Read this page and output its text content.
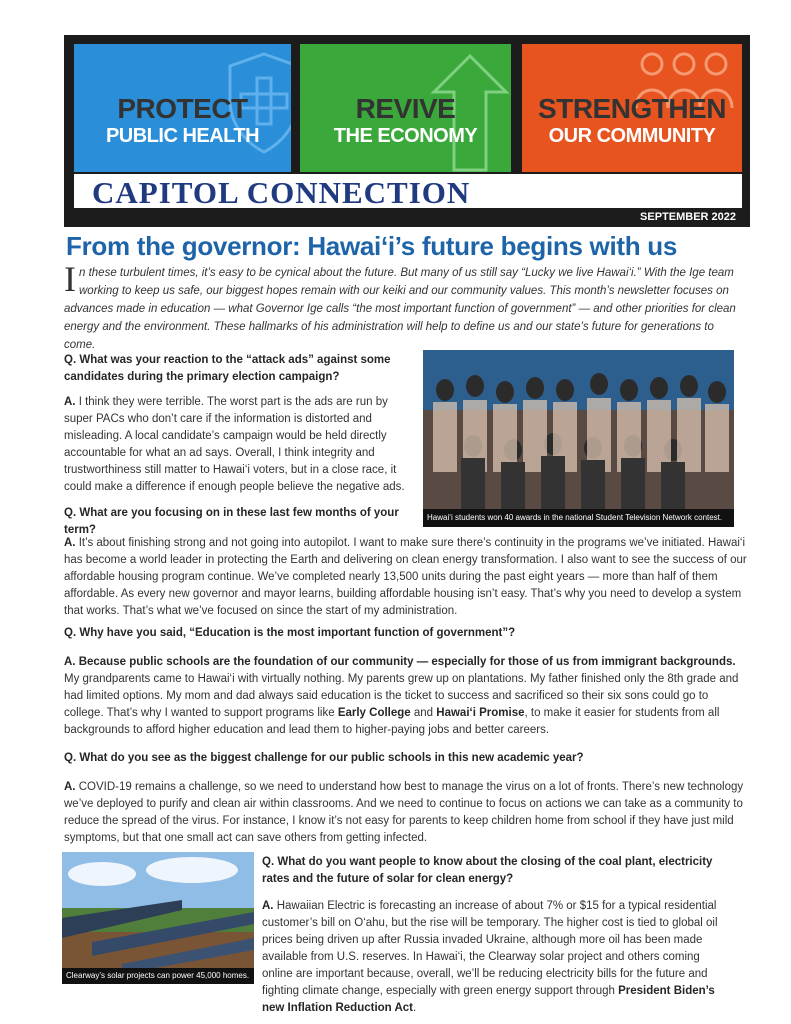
PROTECT
PUBLIC HEALTH
REVIVE
THE ECONOMY
STRENGTHEN
OUR COMMUNITY
CAPITOL CONNECTION
SEPTEMBER 2022
From the governor: Hawai‘i’s future begins with us
In these turbulent times, it’s easy to be cynical about the future. But many of us still say “Lucky we live Hawai‘i.” With the Ige team working to keep us safe, our biggest hopes remain with our keiki and our community values. This month’s newsletter focuses on advances made in education — what Governor Ige calls “the most important function of government” — and other priorities for clean energy and the environment. These hallmarks of his administration will help to define us and our state’s future for generations to come.
Q. What was your reaction to the “attack ads” against some candidates during the primary election campaign?
A. I think they were terrible. The worst part is the ads are run by super PACs who don’t care if the information is distorted and misleading. A local candidate’s campaign would be held directly accountable for what an ad says. Overall, I think integrity and trustworthiness still matter to Hawai‘i voters, but in a close race, it could make a difference if enough people believe the negative ads.
Hawai‘i students won 40 awards in the national Student Television Network contest.
Q. What are you focusing on in these last few months of your term?
A. It’s about finishing strong and not going into autopilot. I want to make sure there’s continuity in the programs we’ve initiated. Hawai‘i has become a world leader in protecting the Earth and delivering on clean energy transformation. I also want to see the success of our affordable housing program continue. We’ve completed nearly 13,500 units during the past eight years — more than half of them affordable. As every new governor and mayor learns, building affordable housing isn’t easy. That’s why you need to develop a system that works. That’s what we’ve focused on since the start of my administration.
Q. Why have you said, “Education is the most important function of government”?
A. Because public schools are the foundation of our community — especially for those of us from immigrant backgrounds. My grandparents came to Hawai‘i with virtually nothing. My parents grew up on plantations. My father finished only the 8th grade and had limited options. My mom and dad always said education is the ticket to success and sacrificed so their six sons could go to college. That’s why I wanted to support programs like Early College and Hawai‘i Promise, to make it easier for students from all backgrounds to afford higher education and lead them to higher-paying jobs and better careers.
Q. What do you see as the biggest challenge for our public schools in this new academic year?
A. COVID-19 remains a challenge, so we need to understand how best to manage the virus on a lot of fronts. There’s new technology we’ve deployed to purify and clean air within classrooms. And we need to continue to focus on actions we can take as a community to reduce the spread of the virus. For instance, I know it’s not easy for parents to keep children home from school if they have just mild symptoms, but that one small act can save others from getting infected.
Clearway’s solar projects can power 45,000 homes.
Q. What do you want people to know about the closing of the coal plant, electricity rates and the future of solar for clean energy?
A. Hawaiian Electric is forecasting an increase of about 7% or $15 for a typical residential customer’s bill on O‘ahu, but the rise will be temporary. The higher cost is tied to global oil prices being driven up after Russia invaded Ukraine, although more oil has been made available from U.S. reserves. In Hawai‘i, the Clearway solar project and others coming online are important because, overall, we’ll be reducing electricity bills for the future and fighting climate change, especially with green energy support through President Biden’s new Inflation Reduction Act.
